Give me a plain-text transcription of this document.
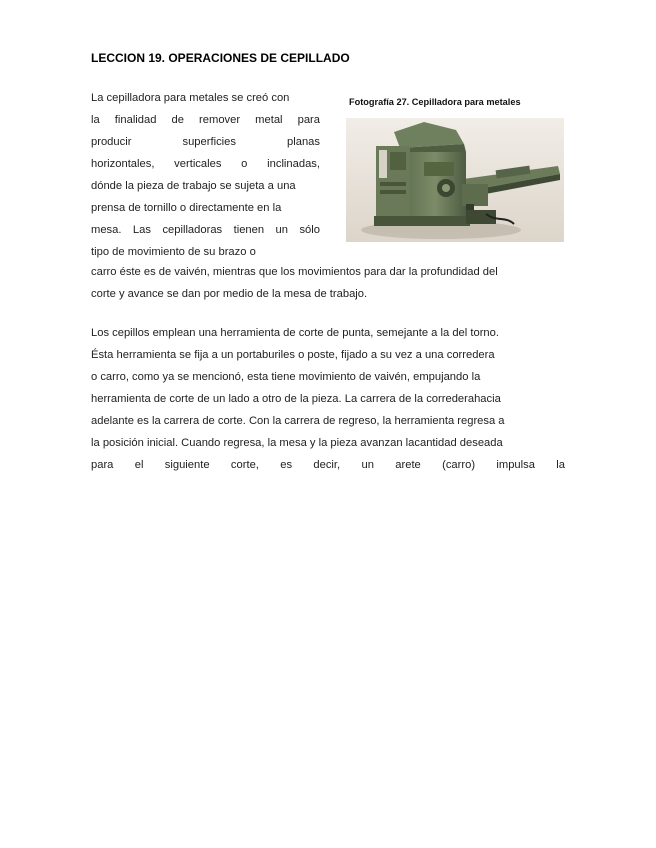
LECCION 19. OPERACIONES DE CEPILLADO
La cepilladora para metales se creó con
la finalidad de remover metal para
producir superficies planas
horizontales, verticales o inclinadas,
dónde la pieza de trabajo se sujeta a una
prensa de tornillo o directamente en la
mesa. Las cepilladoras tienen un sólo
tipo de movimiento de su brazo o
carro éste es de vaivén, mientras que los movimientos para dar la profundidad del
corte y avance se dan por medio de la mesa de trabajo.
Los cepillos emplean una herramienta de corte de punta, semejante a la del torno.
Ésta herramienta se fija a un portaburiles o poste, fijado a su vez a una corredera
o carro, como ya se mencionó, esta tiene movimiento de vaivén, empujando la
herramienta de corte de un lado a otro de la pieza. La carrera de la correderahacia
adelante es la carrera de corte. Con la carrera de regreso, la herramienta regresa a
la posición inicial. Cuando regresa, la mesa y la pieza avanzan lacantidad deseada
para el siguiente corte, es decir, un arete (carro) impulsa la
Fotografía 27. Cepilladora para metales
